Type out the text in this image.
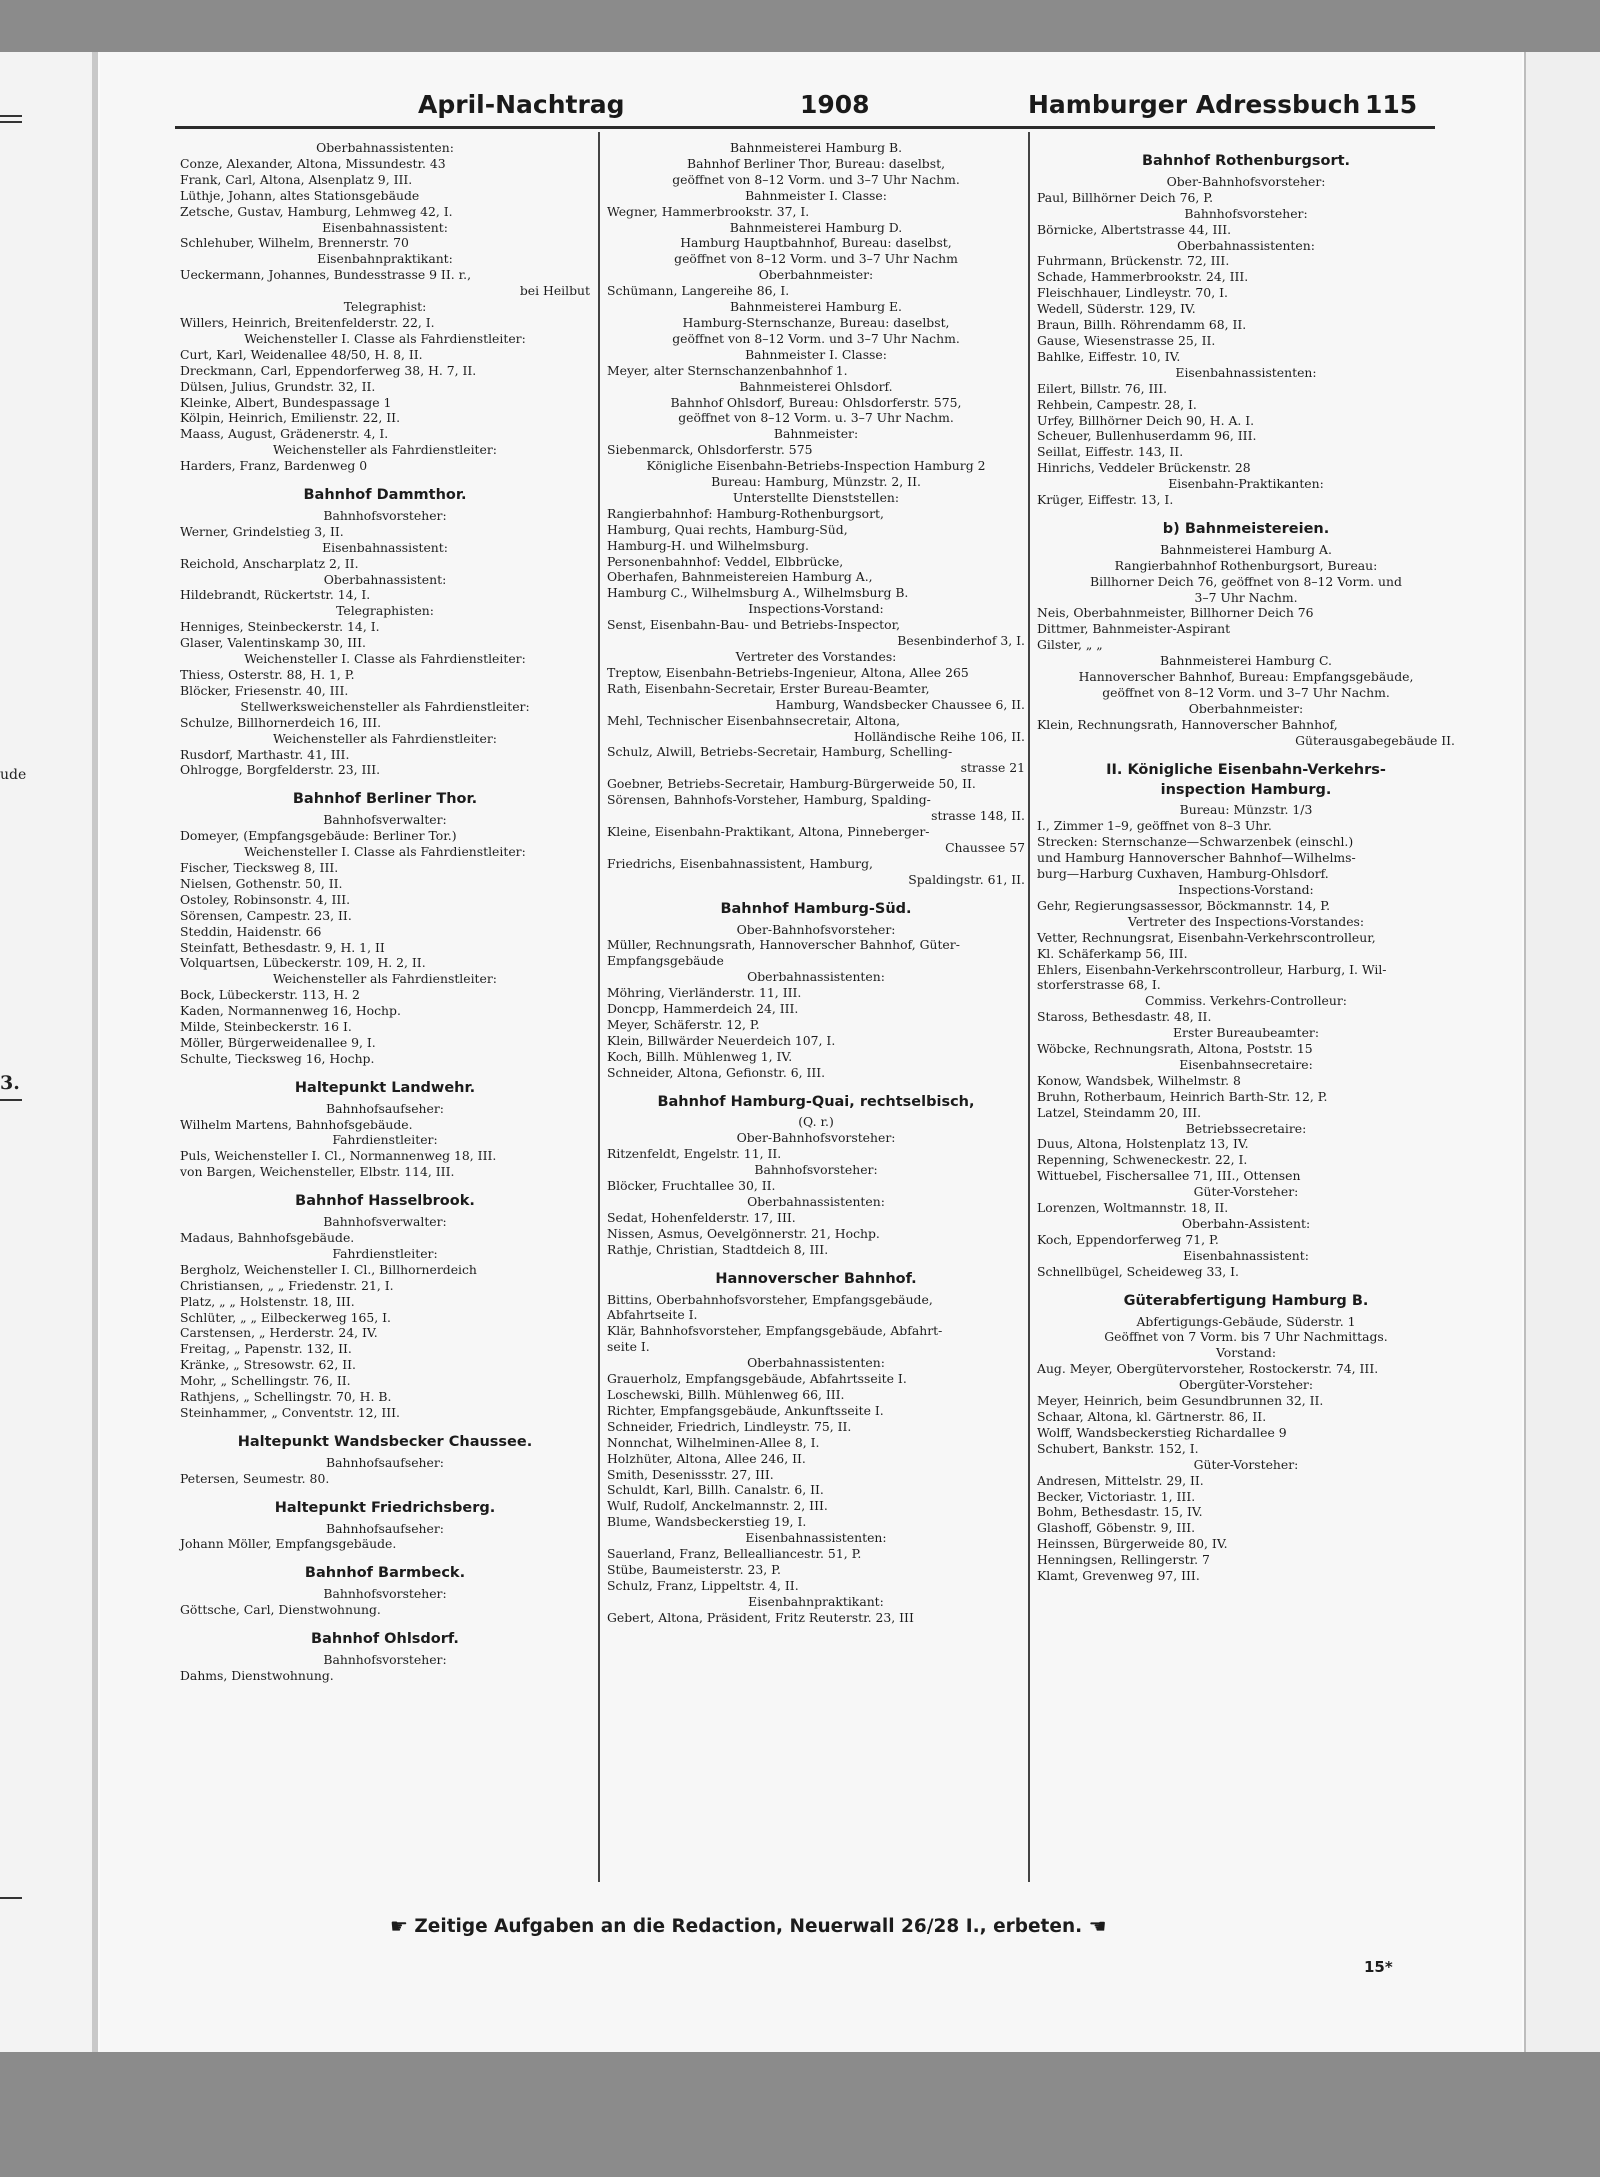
ude
3.
April-Nachtrag	1908	Hamburger Adressbuch 115
Oberbahnassistenten:
Conze, Alexander, Altona, Missundestr. 43
Frank, Carl, Altona, Alsenplatz 9, III.
Lüthje, Johann, altes Stationsgebäude
Zetsche, Gustav, Hamburg, Lehmweg 42, I.
Eisenbahnassistent:
Schlehuber, Wilhelm, Brennerstr. 70
Eisenbahnpraktikant:
Ueckermann, Johannes, Bundesstrasse 9 II. r.,
bei Heilbut
Telegraphist:
Willers, Heinrich, Breitenfelderstr. 22, I.
Weichensteller I. Classe als Fahrdienstleiter:
Curt, Karl, Weidenallee 48/50, H. 8, II.
Dreckmann, Carl, Eppendorferweg 38, H. 7, II.
Dülsen, Julius, Grundstr. 32, II.
Kleinke, Albert, Bundespassage 1
Kölpin, Heinrich, Emilienstr. 22, II.
Maass, August, Grädenerstr. 4, I.
Weichensteller als Fahrdienstleiter:
Harders, Franz, Bardenweg 0
Bahnhof Dammthor.
Bahnhofsvorsteher:
Werner, Grindelstieg 3, II.
Eisenbahnassistent:
Reichold, Anscharplatz 2, II.
Oberbahnassistent:
Hildebrandt, Rückertstr. 14, I.
Telegraphisten:
Henniges, Steinbeckerstr. 14, I.
Glaser, Valentinskamp 30, III.
Weichensteller I. Classe als Fahrdienstleiter:
Thiess, Osterstr. 88, H. 1, P.
Blöcker, Friesenstr. 40, III.
Stellwerksweichensteller als Fahrdienstleiter:
Schulze, Billhornerdeich 16, III.
Weichensteller als Fahrdienstleiter:
Rusdorf, Marthastr. 41, III.
Ohlrogge, Borgfelderstr. 23, III.
Bahnhof Berliner Thor.
Bahnhofsverwalter:
Domeyer, (Empfangsgebäude: Berliner Tor.)
Weichensteller I. Classe als Fahrdienstleiter:
Fischer, Tiecksweg 8, III.
Nielsen, Gothenstr. 50, II.
Ostoley, Robinsonstr. 4, III.
Sörensen, Campestr. 23, II.
Steddin, Haidenstr. 66
Steinfatt, Bethesdastr. 9, H. 1, II
Volquartsen, Lübeckerstr. 109, H. 2, II.
Weichensteller als Fahrdienstleiter:
Bock, Lübeckerstr. 113, H. 2
Kaden, Normannenweg 16, Hochp.
Milde, Steinbeckerstr. 16 I.
Möller, Bürgerweidenallee 9, I.
Schulte, Tiecksweg 16, Hochp.
Haltepunkt Landwehr.
Bahnhofsaufseher:
Wilhelm Martens, Bahnhofsgebäude.
Fahrdienstleiter:
Puls, Weichensteller I. Cl., Normannenweg 18, III.
von Bargen, Weichensteller, Elbstr. 114, III.
Bahnhof Hasselbrook.
Bahnhofsverwalter:
Madaus, Bahnhofsgebäude.
Fahrdienstleiter:
Bergholz, Weichensteller I. Cl., Billhornerdeich
Christiansen, „ „ Friedenstr. 21, I.
Platz, „ „ Holstenstr. 18, III.
Schlüter, „ „ Eilbeckerweg 165, I.
Carstensen, „ Herderstr. 24, IV.
Freitag, „ Papenstr. 132, II.
Kränke, „ Stresowstr. 62, II.
Mohr, „ Schellingstr. 76, II.
Rathjens, „ Schellingstr. 70, H. B.
Steinhammer, „ Conventstr. 12, III.
Haltepunkt Wandsbecker Chaussee.
Bahnhofsaufseher:
Petersen, Seumestr. 80.
Haltepunkt Friedrichsberg.
Bahnhofsaufseher:
Johann Möller, Empfangsgebäude.
Bahnhof Barmbeck.
Bahnhofsvorsteher:
Göttsche, Carl, Dienstwohnung.
Bahnhof Ohlsdorf.
Bahnhofsvorsteher:
Dahms, Dienstwohnung.
Bahnmeisterei Hamburg B.
Bahnhof Berliner Thor, Bureau: daselbst,
geöffnet von 8–12 Vorm. und 3–7 Uhr Nachm.
Bahnmeister I. Classe:
Wegner, Hammerbrookstr. 37, I.
Bahnmeisterei Hamburg D.
Hamburg Hauptbahnhof, Bureau: daselbst,
geöffnet von 8–12 Vorm. und 3–7 Uhr Nachm
Oberbahnmeister:
Schümann, Langereihe 86, I.
Bahnmeisterei Hamburg E.
Hamburg-Sternschanze, Bureau: daselbst,
geöffnet von 8–12 Vorm. und 3–7 Uhr Nachm.
Bahnmeister I. Classe:
Meyer, alter Sternschanzenbahnhof 1.
Bahnmeisterei Ohlsdorf.
Bahnhof Ohlsdorf, Bureau: Ohlsdorferstr. 575,
geöffnet von 8–12 Vorm. u. 3–7 Uhr Nachm.
Bahnmeister:
Siebenmarck, Ohlsdorferstr. 575
Königliche Eisenbahn-Betriebs-Inspection Hamburg 2
Bureau: Hamburg, Münzstr. 2, II.
Unterstellte Dienststellen:
Rangierbahnhof: Hamburg-Rothenburgsort,
Hamburg, Quai rechts, Hamburg-Süd,
Hamburg-H. und Wilhelmsburg.
Personenbahnhof: Veddel, Elbbrücke,
Oberhafen, Bahnmeistereien Hamburg A.,
Hamburg C., Wilhelmsburg A., Wilhelmsburg B.
Inspections-Vorstand:
Senst, Eisenbahn-Bau- und Betriebs-Inspector,
Besenbinderhof 3, I.
Vertreter des Vorstandes:
Treptow, Eisenbahn-Betriebs-Ingenieur, Altona, Allee 265
Rath, Eisenbahn-Secretair, Erster Bureau-Beamter,
Hamburg, Wandsbecker Chaussee 6, II.
Mehl, Technischer Eisenbahnsecretair, Altona,
Holländische Reihe 106, II.
Schulz, Alwill, Betriebs-Secretair, Hamburg, Schelling-
strasse 21
Goebner, Betriebs-Secretair, Hamburg-Bürgerweide 50, II.
Sörensen, Bahnhofs-Vorsteher, Hamburg, Spalding-
strasse 148, II.
Kleine, Eisenbahn-Praktikant, Altona, Pinneberger-
Chaussee 57
Friedrichs, Eisenbahnassistent, Hamburg,
Spaldingstr. 61, II.
Bahnhof Hamburg-Süd.
Ober-Bahnhofsvorsteher:
Müller, Rechnungsrath, Hannoverscher Bahnhof, Güter-
Empfangsgebäude
Oberbahnassistenten:
Möhring, Vierländerstr. 11, III.
Doncpp, Hammerdeich 24, III.
Meyer, Schäferstr. 12, P.
Klein, Billwärder Neuerdeich 107, I.
Koch, Billh. Mühlenweg 1, IV.
Schneider, Altona, Gefionstr. 6, III.
Bahnhof Hamburg-Quai, rechtselbisch,
(Q. r.)
Ober-Bahnhofsvorsteher:
Ritzenfeldt, Engelstr. 11, II.
Bahnhofsvorsteher:
Blöcker, Fruchtallee 30, II.
Oberbahnassistenten:
Sedat, Hohenfelderstr. 17, III.
Nissen, Asmus, Oevelgönnerstr. 21, Hochp.
Rathje, Christian, Stadtdeich 8, III.
Hannoverscher Bahnhof.
Bittins, Oberbahnhofsvorsteher, Empfangsgebäude,
Abfahrtseite I.
Klär, Bahnhofsvorsteher, Empfangsgebäude, Abfahrt-
seite I.
Oberbahnassistenten:
Grauerholz, Empfangsgebäude, Abfahrtsseite I.
Loschewski, Billh. Mühlenweg 66, III.
Richter, Empfangsgebäude, Ankunftsseite I.
Schneider, Friedrich, Lindleystr. 75, II.
Nonnchat, Wilhelminen-Allee 8, I.
Holzhüter, Altona, Allee 246, II.
Smith, Desenissstr. 27, III.
Schuldt, Karl, Billh. Canalstr. 6, II.
Wulf, Rudolf, Anckelmannstr. 2, III.
Blume, Wandsbeckerstieg 19, I.
Eisenbahnassistenten:
Sauerland, Franz, Bellealliancestr. 51, P.
Stübe, Baumeisterstr. 23, P.
Schulz, Franz, Lippeltstr. 4, II.
Eisenbahnpraktikant:
Gebert, Altona, Präsident, Fritz Reuterstr. 23, III
Bahnhof Rothenburgsort.
Ober-Bahnhofsvorsteher:
Paul, Billhörner Deich 76, P.
Bahnhofsvorsteher:
Börnicke, Albertstrasse 44, III.
Oberbahnassistenten:
Fuhrmann, Brückenstr. 72, III.
Schade, Hammerbrookstr. 24, III.
Fleischhauer, Lindleystr. 70, I.
Wedell, Süderstr. 129, IV.
Braun, Billh. Röhrendamm 68, II.
Gause, Wiesenstrasse 25, II.
Bahlke, Eiffestr. 10, IV.
Eisenbahnassistenten:
Eilert, Billstr. 76, III.
Rehbein, Campestr. 28, I.
Urfey, Billhörner Deich 90, H. A. I.
Scheuer, Bullenhuserdamm 96, III.
Seillat, Eiffestr. 143, II.
Hinrichs, Veddeler Brückenstr. 28
Eisenbahn-Praktikanten:
Krüger, Eiffestr. 13, I.
b) Bahnmeistereien.
Bahnmeisterei Hamburg A.
Rangierbahnhof Rothenburgsort, Bureau:
Billhorner Deich 76, geöffnet von 8–12 Vorm. und
3–7 Uhr Nachm.
Neis, Oberbahnmeister, Billhorner Deich 76
Dittmer, Bahnmeister-Aspirant
Gilster, „ „
Bahnmeisterei Hamburg C.
Hannoverscher Bahnhof, Bureau: Empfangsgebäude,
geöffnet von 8–12 Vorm. und 3–7 Uhr Nachm.
Oberbahnmeister:
Klein, Rechnungsrath, Hannoverscher Bahnhof,
Güterausgabegebäude II.
II. Königliche Eisenbahn-Verkehrs-
inspection Hamburg.
Bureau: Münzstr. 1/3
I., Zimmer 1–9, geöffnet von 8–3 Uhr.
Strecken: Sternschanze—Schwarzenbek (einschl.)
und Hamburg Hannoverscher Bahnhof—Wilhelms-
burg—Harburg Cuxhaven, Hamburg-Ohlsdorf.
Inspections-Vorstand:
Gehr, Regierungsassessor, Böckmannstr. 14, P.
Vertreter des Inspections-Vorstandes:
Vetter, Rechnungsrat, Eisenbahn-Verkehrscontrolleur,
Kl. Schäferkamp 56, III.
Ehlers, Eisenbahn-Verkehrscontrolleur, Harburg, I. Wil-
storferstrasse 68, I.
Commiss. Verkehrs-Controlleur:
Staross, Bethesdastr. 48, II.
Erster Bureaubeamter:
Wöbcke, Rechnungsrath, Altona, Poststr. 15
Eisenbahnsecretaire:
Konow, Wandsbek, Wilhelmstr. 8
Bruhn, Rotherbaum, Heinrich Barth-Str. 12, P.
Latzel, Steindamm 20, III.
Betriebssecretaire:
Duus, Altona, Holstenplatz 13, IV.
Repenning, Schweneckestr. 22, I.
Wittuebel, Fischersallee 71, III., Ottensen
Güter-Vorsteher:
Lorenzen, Woltmannstr. 18, II.
Oberbahn-Assistent:
Koch, Eppendorferweg 71, P.
Eisenbahnassistent:
Schnellbügel, Scheideweg 33, I.
Güterabfertigung Hamburg B.
Abfertigungs-Gebäude, Süderstr. 1
Geöffnet von 7 Vorm. bis 7 Uhr Nachmittags.
Vorstand:
Aug. Meyer, Obergütervorsteher, Rostockerstr. 74, III.
Obergüter-Vorsteher:
Meyer, Heinrich, beim Gesundbrunnen 32, II.
Schaar, Altona, kl. Gärtnerstr. 86, II.
Wolff, Wandsbeckerstieg Richardallee 9
Schubert, Bankstr. 152, I.
Güter-Vorsteher:
Andresen, Mittelstr. 29, II.
Becker, Victoriastr. 1, III.
Bohm, Bethesdastr. 15, IV.
Glashoff, Göbenstr. 9, III.
Heinssen, Bürgerweide 80, IV.
Henningsen, Rellingerstr. 7
Klamt, Grevenweg 97, III.
☛ Zeitige Aufgaben an die Redaction, Neuerwall 26/28 I., erbeten. ☚
15*
